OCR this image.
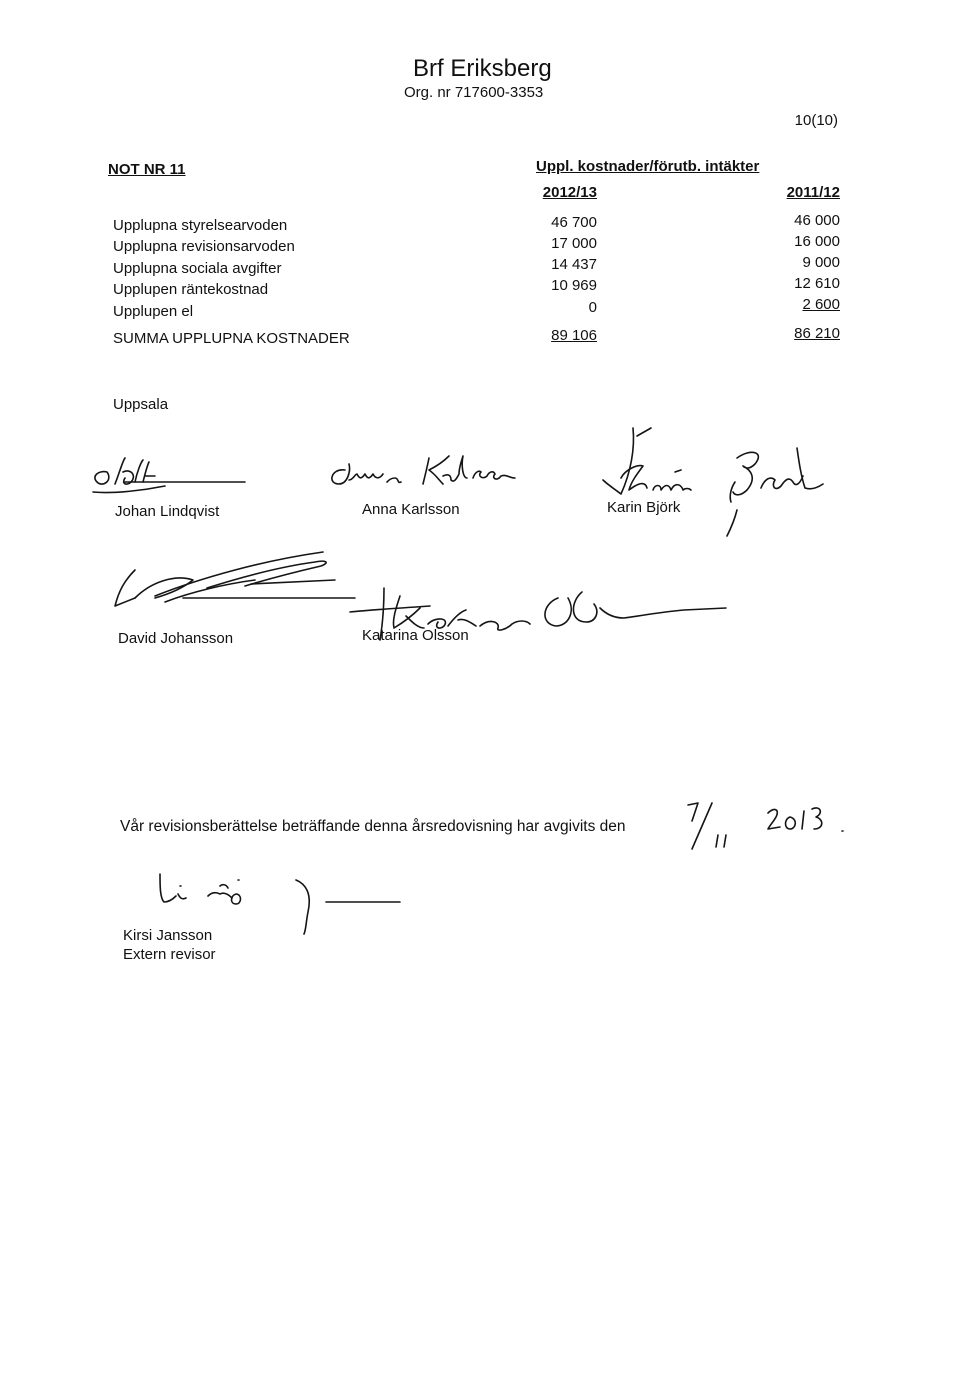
Brf Eriksberg
Org. nr 717600-3353
10(10)
NOT NR 11	Uppl. kostnader/förutb. intäkter
2012/13	2011/12
Upplupna styrelsearvoden	46 700	46 000
Upplupna revisionsarvoden	17 000	16 000
Upplupna sociala avgifter	14 437	9 000
Upplupen räntekostnad	10 969	12 610
Upplupen el	0	2 600
SUMMA UPPLUPNA KOSTNADER	89 106	86 210
Uppsala
Johan Lindqvist	Anna Karlsson	Karin Björk
David Johansson	Katarina Olsson
Vår revisionsberättelse beträffande denna årsredovisning har avgivits den
Kirsi Jansson
Extern revisor
